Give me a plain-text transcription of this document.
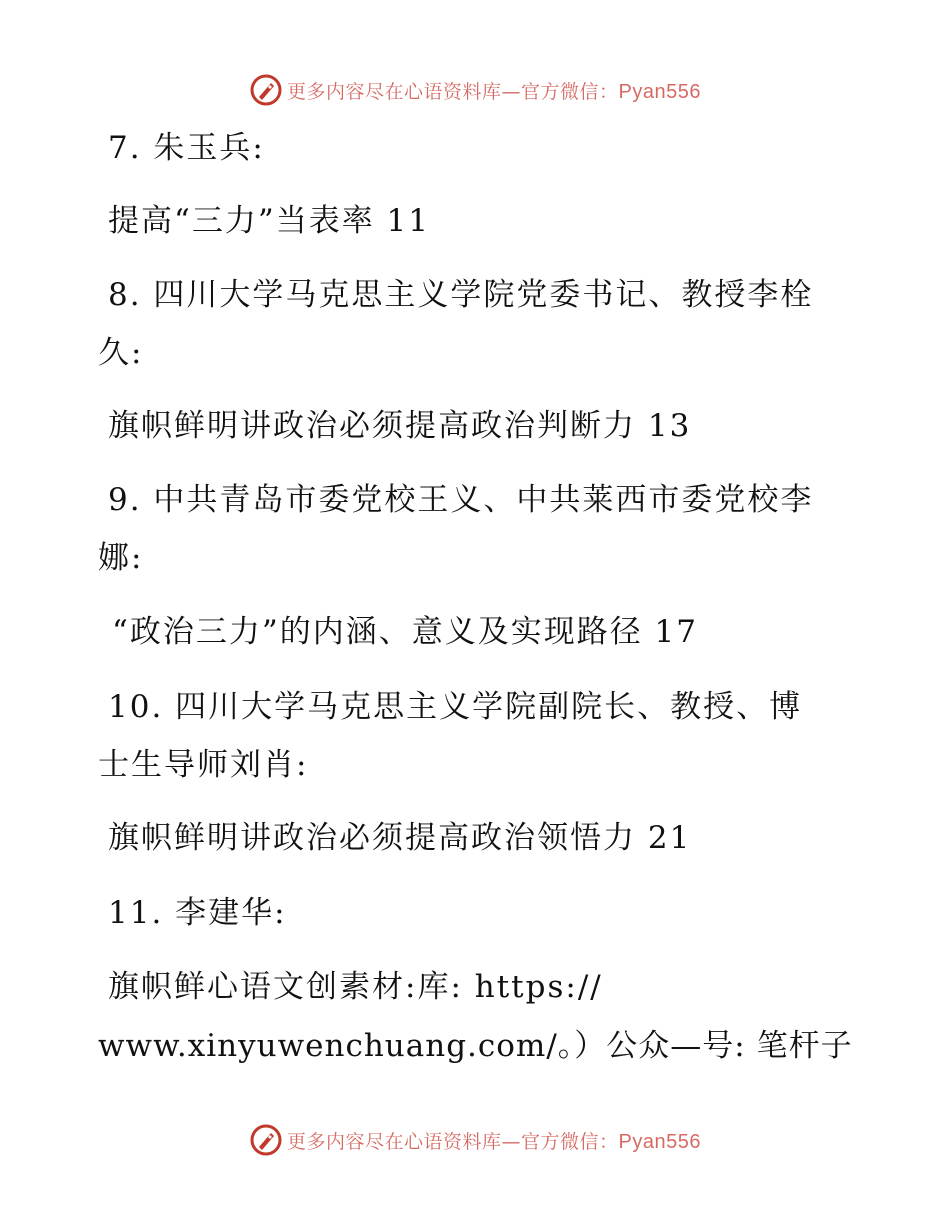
更多内容尽在心语资料库—官方微信：Pyan556
7. 朱玉兵:
提高“三力”当表率 11
8. 四川大学马克思主义学院党委书记、教授李栓
久:
旗帜鲜明讲政治必须提高政治判断力 13
9. 中共青岛市委党校王义、中共莱西市委党校李
娜:
“政治三力”的内涵、意义及实现路径 17
10. 四川大学马克思主义学院副院长、教授、博
士生导师刘肖:
旗帜鲜明讲政治必须提高政治领悟力 21
11. 李建华:
旗帜鲜心语文创素材:库: https://
www.xinyuwenchuang.com/。）公众—号: 笔杆子
更多内容尽在心语资料库—官方微信：Pyan556
